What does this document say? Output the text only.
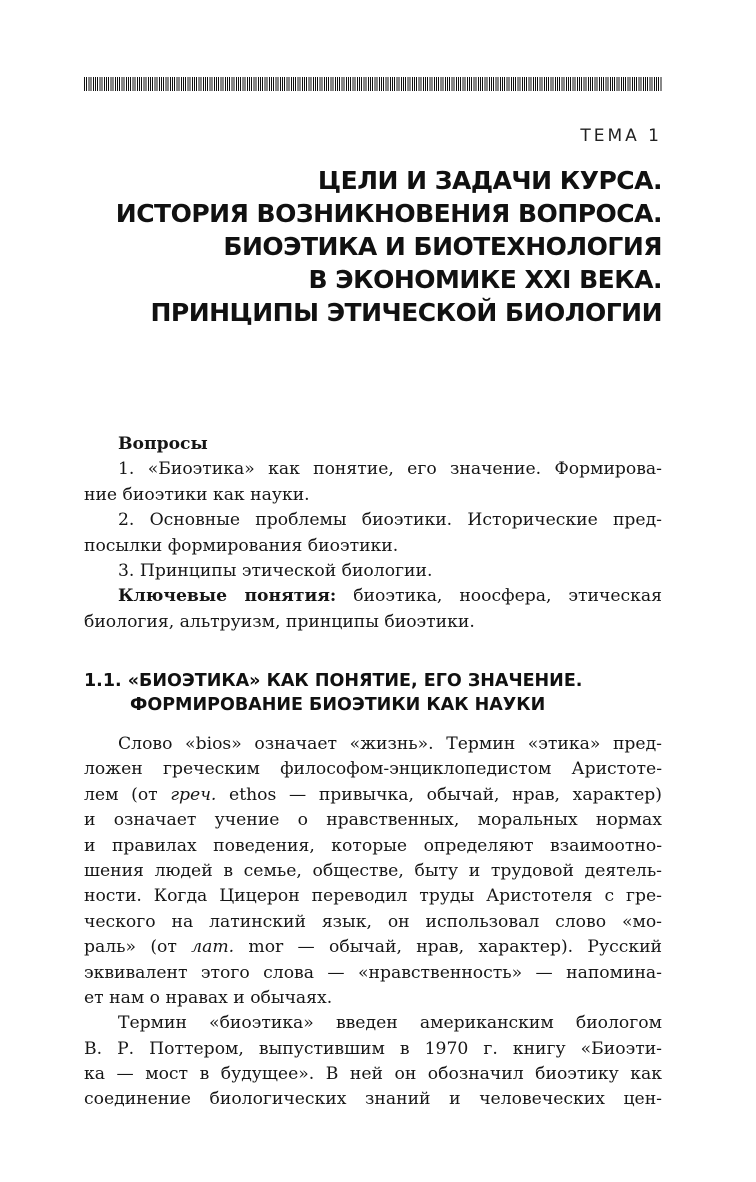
ТЕМА 1
ЦЕЛИ И ЗАДАЧИ КУРСА.
ИСТОРИЯ ВОЗНИКНОВЕНИЯ ВОПРОСА.
БИОЭТИКА И БИОТЕХНОЛОГИЯ
В ЭКОНОМИКЕ XXI ВЕКА.
ПРИНЦИПЫ ЭТИЧЕСКОЙ БИОЛОГИИ
Вопросы
1. «Биоэтика» как понятие, его значение. Формирова-
ние биоэтики как науки.
2. Основные проблемы биоэтики. Исторические пред-
посылки формирования биоэтики.
3. Принципы этической биологии.
Ключевые понятия: биоэтика, ноосфера, этическая
биология, альтруизм, принципы биоэтики.
1.1. «БИОЭТИКА» КАК ПОНЯТИЕ, ЕГО ЗНАЧЕНИЕ.
ФОРМИРОВАНИЕ БИОЭТИКИ КАК НАУКИ
Слово «bios» означает «жизнь». Термин «этика» пред-
ложен греческим философом-энциклопедистом Аристоте-
лем (от греч. ethos — привычка, обычай, нрав, характер)
и означает учение о нравственных, моральных нормах
и правилах поведения, которые определяют взаимоотно-
шения людей в семье, обществе, быту и трудовой деятель-
ности. Когда Цицерон переводил труды Аристотеля с гре-
ческого на латинский язык, он использовал слово «мо-
раль» (от лат. mor — обычай, нрав, характер). Русский
эквивалент этого слова — «нравственность» — напомина-
ет нам о нравах и обычаях.
Термин «биоэтика» введен американским биологом
В. Р. Поттером, выпустившим в 1970 г. книгу «Биоэти-
ка — мост в будущее». В ней он обозначил биоэтику как
соединение биологических знаний и человеческих цен-
